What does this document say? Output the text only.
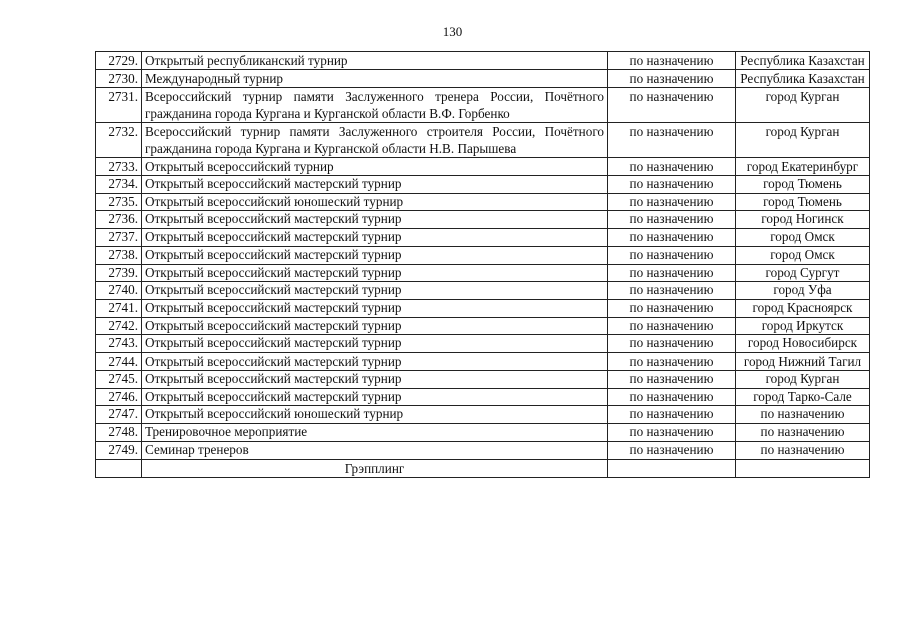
130
2729.	Открытый республиканский турнир	по назначению	Республика Казахстан
2730.	Международный турнир	по назначению	Республика Казахстан
2731.	Всероссийский турнир памяти Заслуженного тренера России, Почётного гражданина города Кургана и Курганской области В.Ф. Горбенко	по назначению	город Курган
2732.	Всероссийский турнир памяти Заслуженного строителя России, Почётного гражданина города Кургана и Курганской области Н.В. Парышева	по назначению	город Курган
2733.	Открытый всероссийский турнир	по назначению	город Екатеринбург
2734.	Открытый всероссийский мастерский турнир	по назначению	город Тюмень
2735.	Открытый всероссийский юношеский турнир	по назначению	город Тюмень
2736.	Открытый всероссийский мастерский турнир	по назначению	город Ногинск
2737.	Открытый всероссийский мастерский турнир	по назначению	город Омск
2738.	Открытый всероссийский мастерский турнир	по назначению	город Омск
2739.	Открытый всероссийский мастерский турнир	по назначению	город Сургут
2740.	Открытый всероссийский мастерский турнир	по назначению	город Уфа
2741.	Открытый всероссийский мастерский турнир	по назначению	город Красноярск
2742.	Открытый всероссийский мастерский турнир	по назначению	город Иркутск
2743.	Открытый всероссийский мастерский турнир	по назначению	город Новосибирск
2744.	Открытый всероссийский мастерский турнир	по назначению	город Нижний Тагил
2745.	Открытый всероссийский мастерский турнир	по назначению	город Курган
2746.	Открытый всероссийский мастерский турнир	по назначению	город Тарко-Сале
2747.	Открытый всероссийский юношеский турнир	по назначению	по назначению
2748.	Тренировочное мероприятие	по назначению	по назначению
2749.	Семинар тренеров	по назначению	по назначению
	Грэпплинг		
